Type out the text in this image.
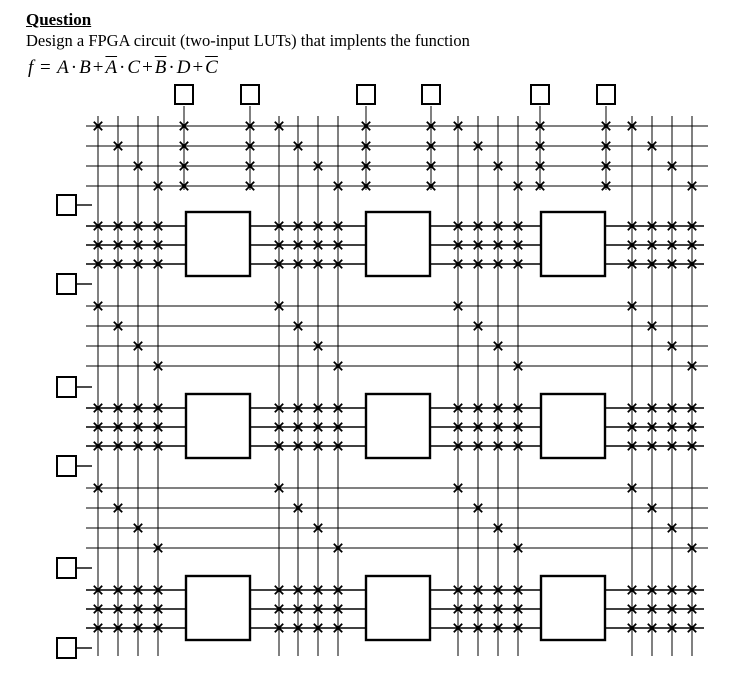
Question

Design a FPGA circuit (two-input LUTs) that implents the function

$f = A \cdot B + \overline{A} \cdot C + \overline{B} \cdot D + \overline{C}$
